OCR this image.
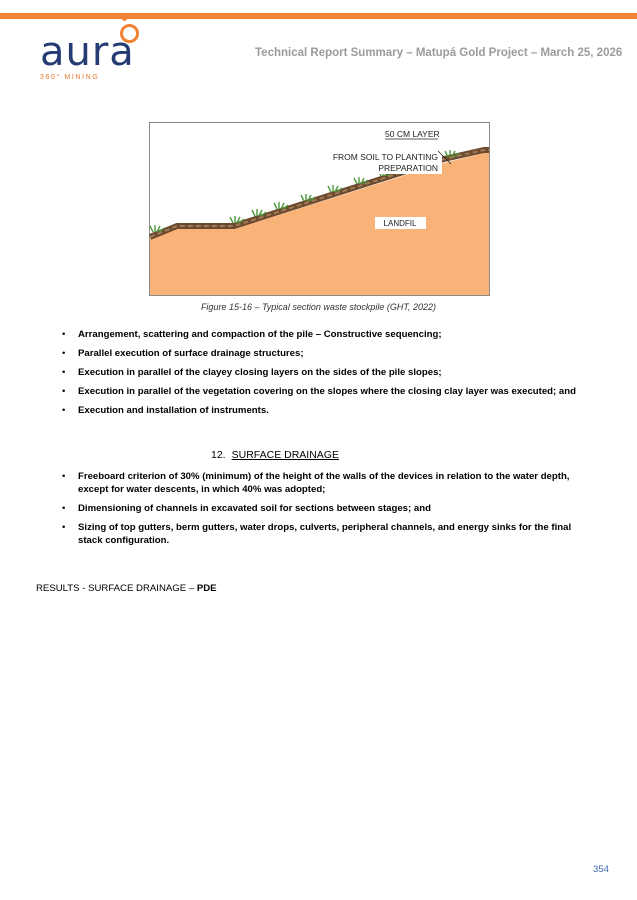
aura
360° MINING
Technical Report Summary – Matupá Gold Project – March 25, 2026
50 CM LAYER
FROM SOIL TO PLANTING
PREPARATION
LANDFIL
Figure 15-16 – Typical section waste stockpile (GHT, 2022)
• Arrangement, scattering and compaction of the pile – Constructive sequencing;
• Parallel execution of surface drainage structures;
• Execution in parallel of the clayey closing layers on the sides of the pile slopes;
• Execution in parallel of the vegetation covering on the slopes where the closing clay layer was executed; and
• Execution and installation of instruments.
12. SURFACE DRAINAGE
• Freeboard criterion of 30% (minimum) of the height of the walls of the devices in relation to the water depth, except for water descents, in which 40% was adopted;
• Dimensioning of channels in excavated soil for sections between stages; and
• Sizing of top gutters, berm gutters, water drops, culverts, peripheral channels, and energy sinks for the final stack configuration.
RESULTS - SURFACE DRAINAGE – PDE
354
